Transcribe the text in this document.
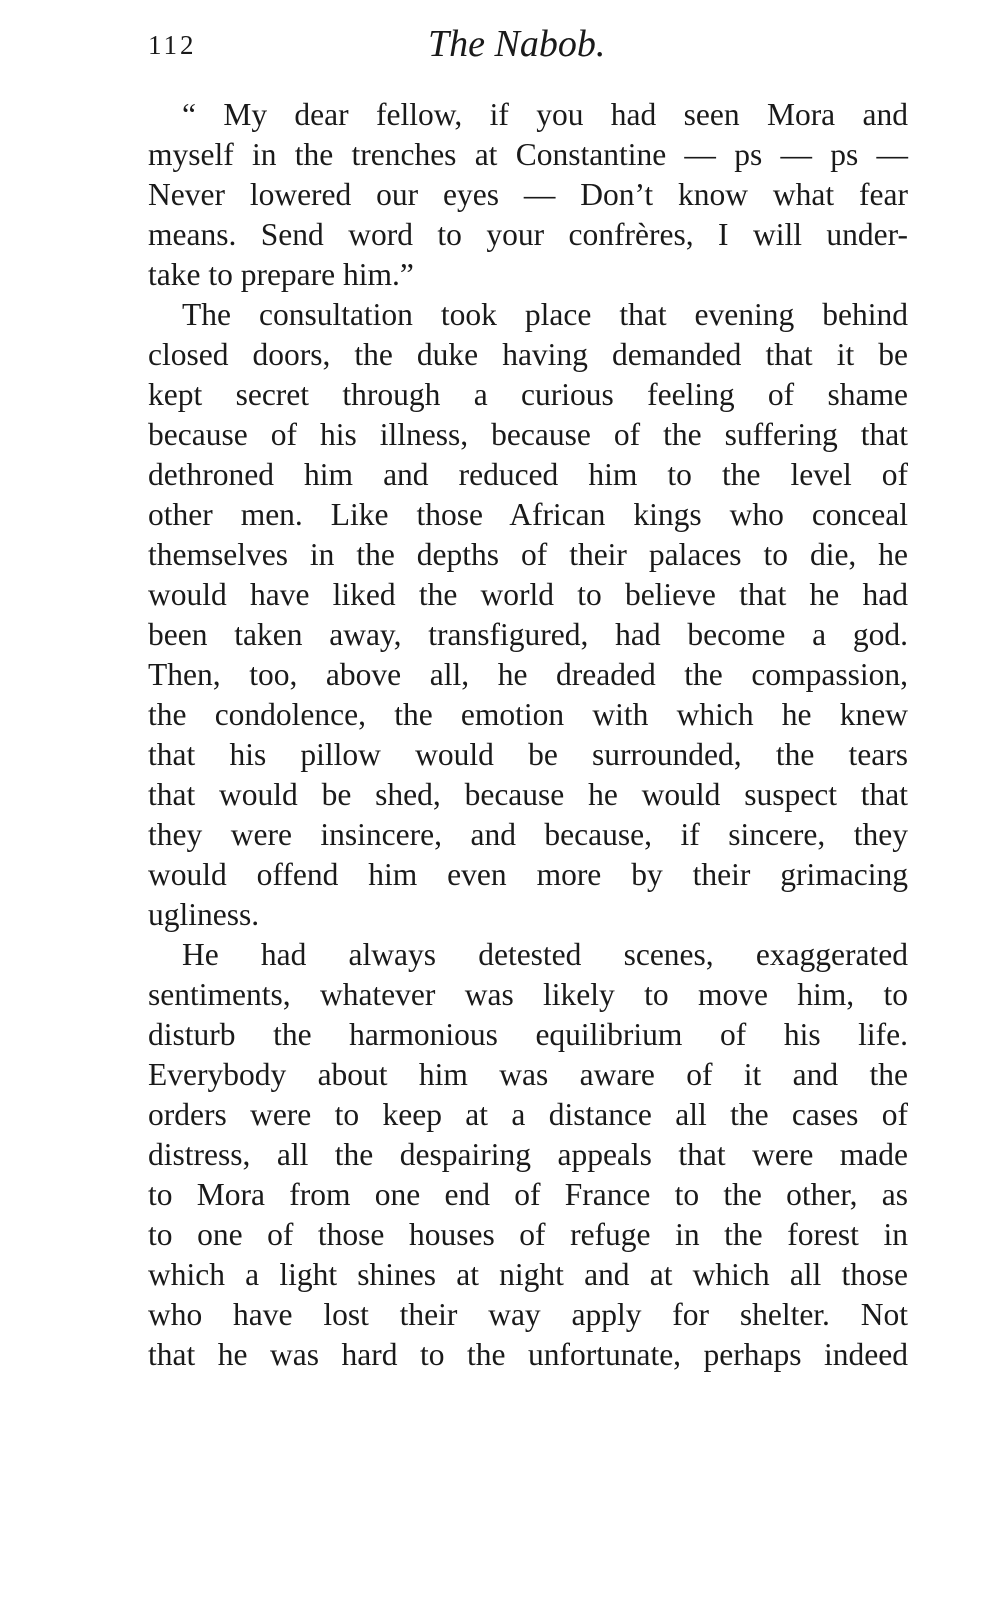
112	The Nabob.
“ My dear fellow, if you had seen Mora and
myself in the trenches at Constantine — ps — ps —
Never lowered our eyes — Don’t know what fear
means. Send word to your confrères, I will under-
take to prepare him.”
The consultation took place that evening behind
closed doors, the duke having demanded that it be
kept secret through a curious feeling of shame
because of his illness, because of the suffering that
dethroned him and reduced him to the level of
other men. Like those African kings who conceal
themselves in the depths of their palaces to die, he
would have liked the world to believe that he had
been taken away, transfigured, had become a god.
Then, too, above all, he dreaded the compassion,
the condolence, the emotion with which he knew
that his pillow would be surrounded, the tears
that would be shed, because he would suspect that
they were insincere, and because, if sincere, they
would offend him even more by their grimacing
ugliness.
He had always detested scenes, exaggerated
sentiments, whatever was likely to move him, to
disturb the harmonious equilibrium of his life.
Everybody about him was aware of it and the
orders were to keep at a distance all the cases of
distress, all the despairing appeals that were made
to Mora from one end of France to the other, as
to one of those houses of refuge in the forest in
which a light shines at night and at which all those
who have lost their way apply for shelter. Not
that he was hard to the unfortunate, perhaps indeed
